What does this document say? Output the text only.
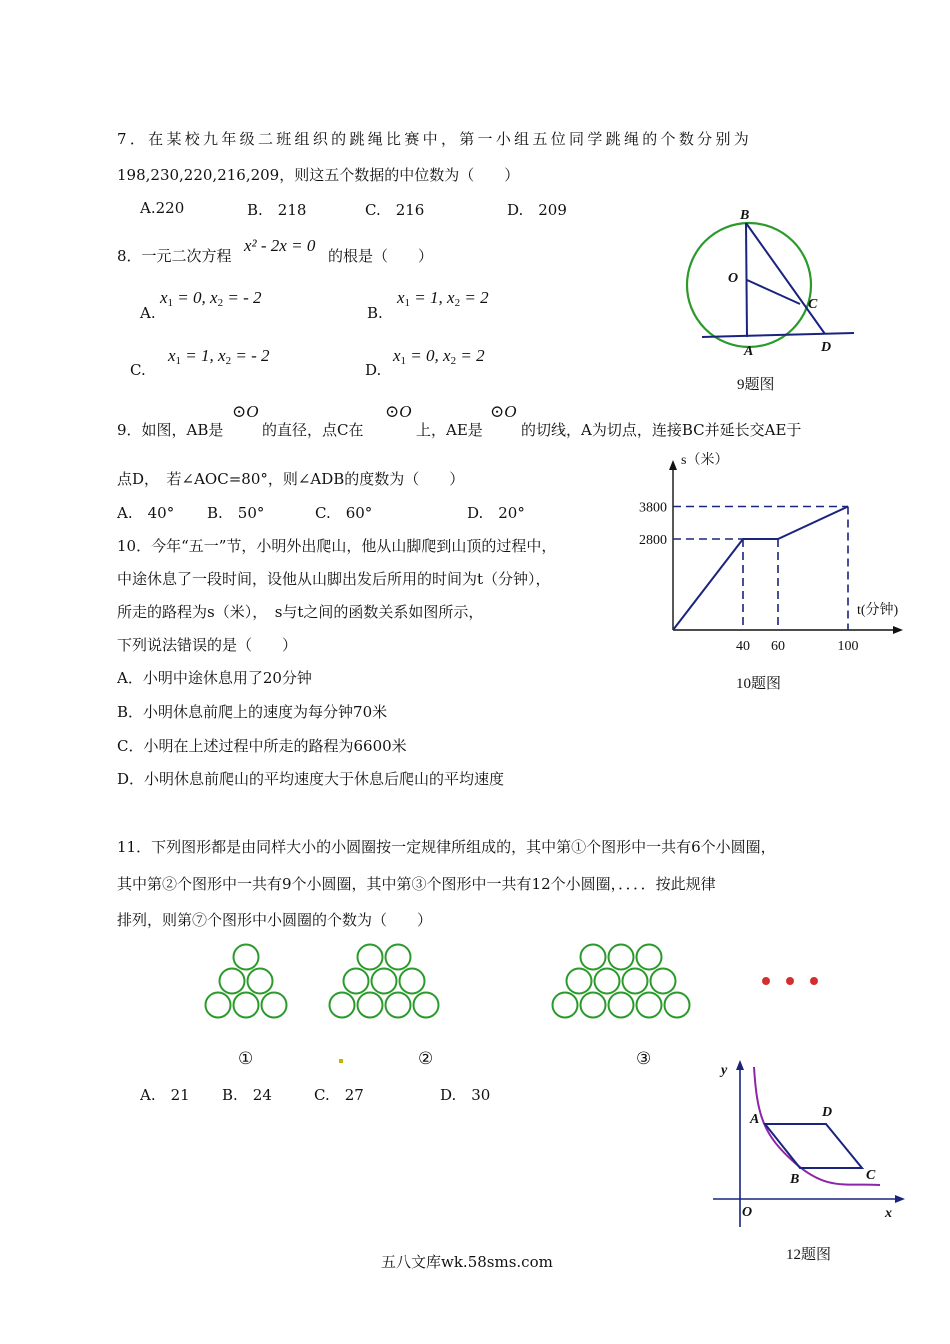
7．在某校九年级二班组织的跳绳比赛中，第一小组五位同学跳绳的个数分别为
198,230,220,216,209，则这五个数据的中位数为（　　）
A.220	B.　218	C.　216	D.　209
8．一元二次方程
x² - 2x = 0
的根是（　　）
A.
$x_1 = 0$, $x_2$ = - 2
B.
$x_1 = 1$, $x_2 = 2$
C.
$x_1 = 1$, $x_2$ = - 2
D.
$x_1 = 0$, $x_2 = 2$
B
O
C
A	D
9题图
9．如图，AB是
⊙O
的直径，点C在
⊙O
上，AE是
⊙O
的切线，A为切点，连接BC并延长交AE于
点D，　若∠AOC=80°，则∠ADB的度数为（　　）
A.　40° B.　50°	C.　60°	D.　20°
10．今年“五一”节，小明外出爬山，他从山脚爬到山顶的过程中，
中途休息了一段时间，设他从山脚出发后所用的时间为t（分钟），
所走的路程为s（米），　s与t之间的函数关系如图所示，
下列说法错误的是（　　）
A．小明中途休息用了20分钟
B．小明休息前爬上的速度为每分钟70米
C．小明在上述过程中所走的路程为6600米
D．小明休息前爬山的平均速度大于休息后爬山的平均速度
3800
2800
40 60	100
s（米）
t(分钟)
10题图
11．下列图形都是由同样大小的小圆圈按一定规律所组成的，其中第①个图形中一共有6个小圆圈，
其中第②个图形中一共有9个小圆圈，其中第③个图形中一共有12个小圆圈，．．．．按此规律
排列，则第⑦个图形中小圆圈的个数为（　　）
①	②	③
A.　21 B.　24	C.　27	D.　30
y
A	D
B	C
O	x
12题图
五八文库wk.58sms.com
